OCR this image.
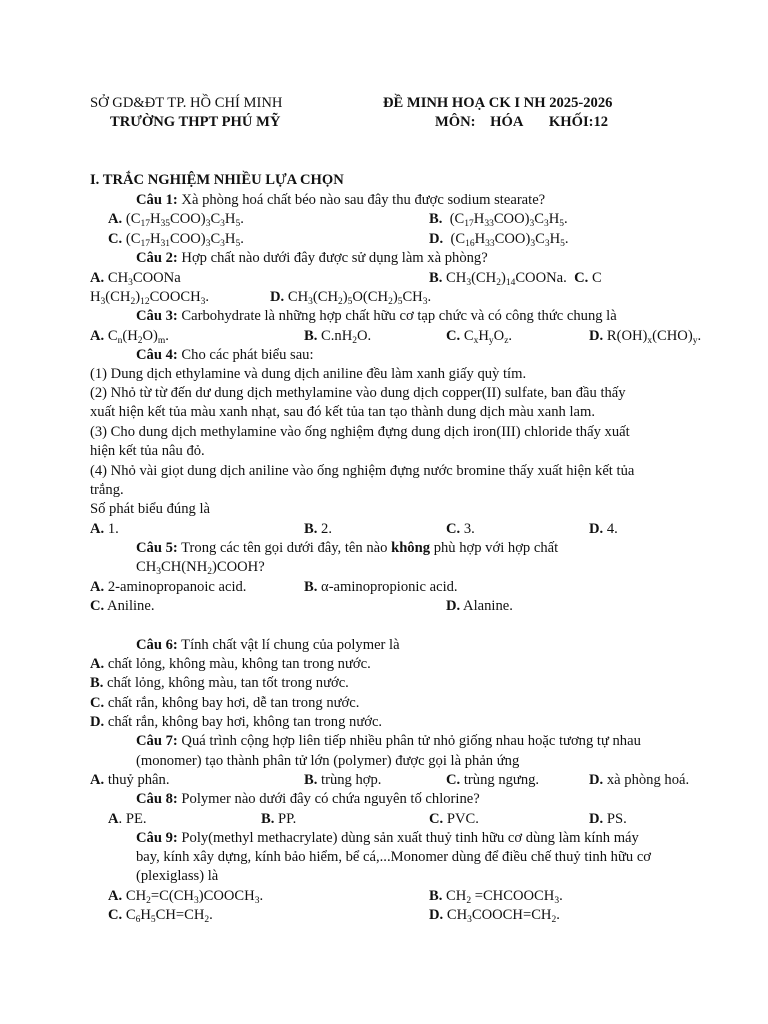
SỞ GD&ĐT TP. HỒ CHÍ MINH
TRƯỜNG THPT PHÚ MỸ
ĐỀ MINH HOẠ CK I NH 2025-2026
MÔN: HÓA KHỐI:12
I. TRẮC NGHIỆM NHIỀU LỰA CHỌN
Câu 1: Xà phòng hoá chất béo nào sau đây thu được sodium stearate?
A. $(C_{17}H_{35}COO)_3C_3H_5$.	B.  $(C_{17}H_{33}COO)_3C_3H_5$.
C. $(C_{17}H_{31}COO)_3C_3H_5$.	D.  $(C_{16}H_{33}COO)_3C_3H_5$.
Câu 2: Hợp chất nào dưới đây được sử dụng làm xà phòng?
A. $CH_3COONa$	B. $CH_3(CH_2)_{14}COONa$.  C. C
$H_3(CH_2)_{12}COOCH_3$.	D. $CH_3(CH_2)_5O(CH_2)_5CH_3$.
Câu 3: Carbohydrate là những hợp chất hữu cơ tạp chức và có công thức chung là
A. $C_n(H_2O)_m$.	B. $C.nH_2O$.	C. $C_xH_yO_z$.	D. $R(OH)_x(CHO)_y$.
Câu 4: Cho các phát biểu sau:
(1) Dung dịch ethylamine và dung dịch aniline đều làm xanh giấy quỳ tím.
(2) Nhỏ từ từ đến dư dung dịch methylamine vào dung dịch copper(II) sulfate, ban đầu thấy
xuất hiện kết tủa màu xanh nhạt, sau đó kết tủa tan tạo thành dung dịch màu xanh lam.
(3) Cho dung dịch methylamine vào ống nghiệm đựng dung dịch iron(III) chloride thấy xuất
hiện kết tủa nâu đỏ.
(4) Nhỏ vài giọt dung dịch aniline vào ống nghiệm đựng nước bromine thấy xuất hiện kết tủa
trắng.
Số phát biểu đúng là
A. 1.	B. 2.	C. 3.	D. 4.
Câu 5: Trong các tên gọi dưới đây, tên nào không phù hợp với hợp chất
$CH_3CH(NH_2)COOH$?
A. 2-aminopropanoic acid.	B. α-aminopropionic acid.
C. Aniline.	D. Alanine.
Câu 6: Tính chất vật lí chung của polymer là
A. chất lỏng, không màu, không tan trong nước.
B. chất lỏng, không màu, tan tốt trong nước.
C. chất rắn, không bay hơi, dễ tan trong nước.
D. chất rắn, không bay hơi, không tan trong nước.
Câu 7: Quá trình cộng hợp liên tiếp nhiều phân tử nhỏ giống nhau hoặc tương tự nhau
(monomer) tạo thành phân tử lớn (polymer) được gọi là phản ứng
A. thuỷ phân.	B. trùng hợp.	C. trùng ngưng.	D. xà phòng hoá.
Câu 8: Polymer nào dưới đây có chứa nguyên tố chlorine?
A. PE.	B. PP.	C. PVC.	D. PS.
Câu 9: Poly(methyl methacrylate) dùng sản xuất thuỷ tinh hữu cơ dùng làm kính máy
bay, kính xây dựng, kính bảo hiểm, bể cá,...Monomer dùng để điều chế thuỷ tinh hữu cơ
(plexiglass) là
A. $CH_2=C(CH_3)COOCH_3$.	B. $CH_2$ $=CHCOOCH_3$.
C. $C_6H_5CH=CH_2$.	D. $CH_3COOCH=CH_2$.
